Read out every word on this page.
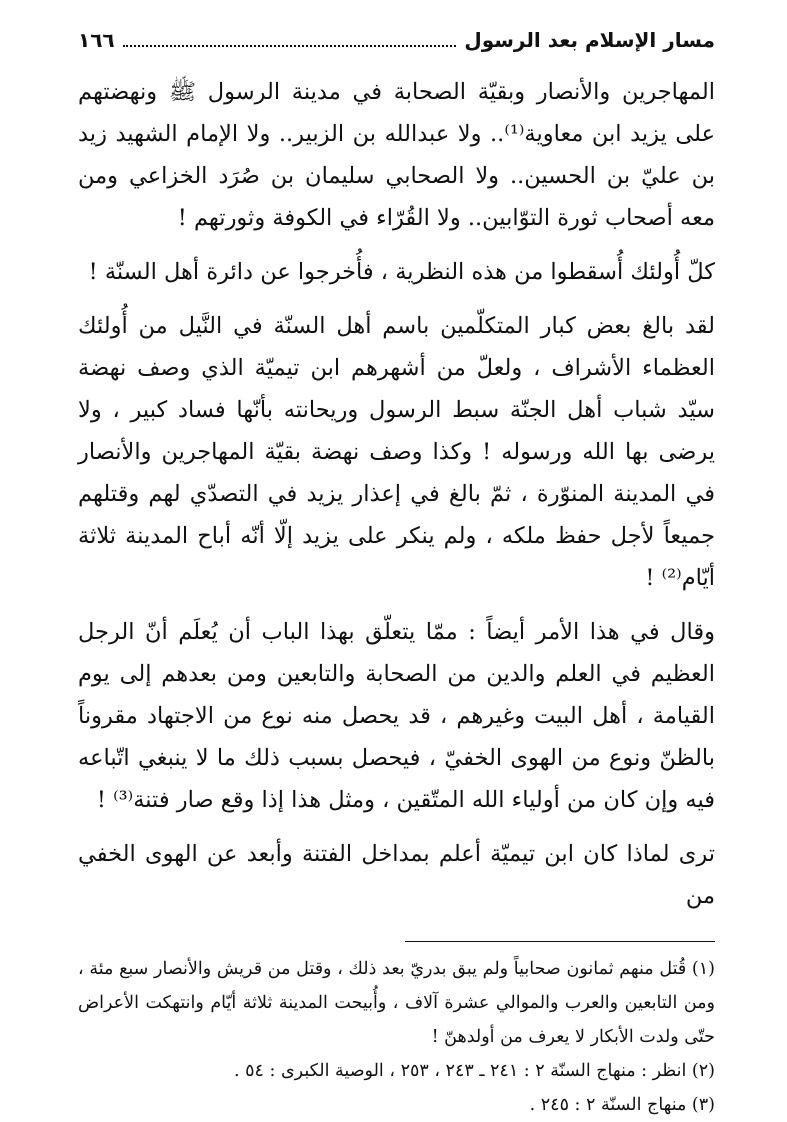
مسار الإسلام بعد الرسول
١٦٦

المهاجرين والأنصار وبقيّة الصحابة في مدينة الرسول ﷺ ونهضتهم على يزيد ابن معاوية⁽¹⁾.. ولا عبدالله بن الزبير.. ولا الإمام الشهيد زيد بن عليّ بن الحسين.. ولا الصحابي سليمان بن صُرَد الخزاعي ومن معه أصحاب ثورة التوّابين.. ولا القُرّاء في الكوفة وثورتهم !

كلّ أُولئك أُسقطوا من هذه النظرية ، فأُخرجوا عن دائرة أهل السنّة !

لقد بالغ بعض كبار المتكلّمين باسم أهل السنّة في النَّيل من أُولئك العظماء الأشراف ، ولعلّ من أشهرهم ابن تيميّة الذي وصف نهضة سيّد شباب أهل الجنّة سبط الرسول وريحانته بأنّها فساد كبير ، ولا يرضى بها الله ورسوله ! وكذا وصف نهضة بقيّة المهاجرين والأنصار في المدينة المنوّرة ، ثمّ بالغ في إعذار يزيد في التصدّي لهم وقتلهم جميعاً لأجل حفظ ملكه ، ولم ينكر على يزيد إلّا أنّه أباح المدينة ثلاثة أيّام⁽²⁾ !

وقال في هذا الأمر أيضاً : ممّا يتعلّق بهذا الباب أن يُعلَم أنّ الرجل العظيم في العلم والدين من الصحابة والتابعين ومن بعدهم إلى يوم القيامة ، أهل البيت وغيرهم ، قد يحصل منه نوع من الاجتهاد مقروناً بالظنّ ونوع من الهوى الخفيّ ، فيحصل بسبب ذلك ما لا ينبغي اتّباعه فيه وإن كان من أولياء الله المتّقين ، ومثل هذا إذا وقع صار فتنة⁽³⁾ !

ترى لماذا كان ابن تيميّة أعلم بمداخل الفتنة وأبعد عن الهوى الخفي من

(١) قُتل منهم ثمانون صحابياً ولم يبق بدريّ بعد ذلك ، وقتل من قريش والأنصار سبع مئة ، ومن التابعين والعرب والموالي عشرة آلاف ، وأُبيحت المدينة ثلاثة أيّام وانتهكت الأعراض حتّى ولدت الأبكار لا يعرف من أولدهنّ !

(٢) انظر : منهاج السنّة ٢ : ٢٤١ ـ ٢٤٣ ، ٢٥٣ ، الوصية الكبرى : ٥٤ .

(٣) منهاج السنّة ٢ : ٢٤٥ .
